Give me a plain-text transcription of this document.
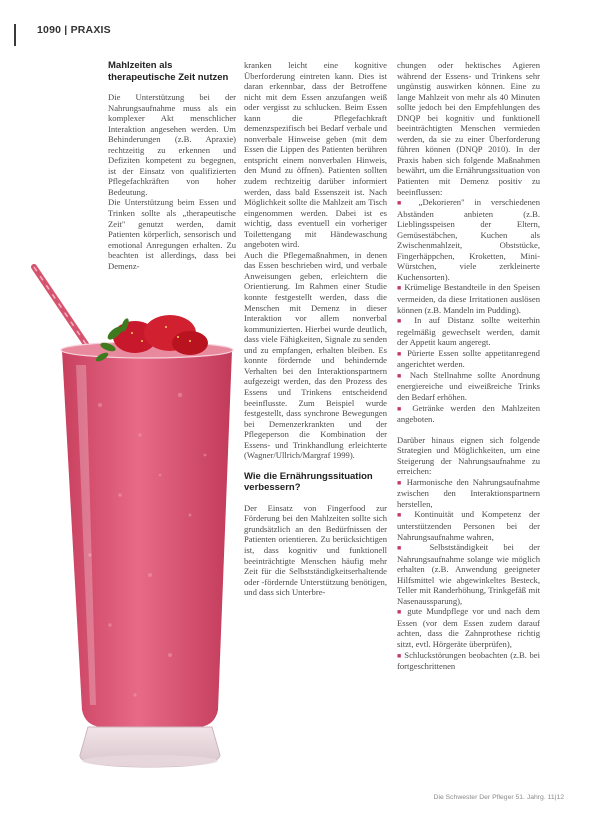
1090 | PRAXIS
Mahlzeiten als therapeutische Zeit nutzen

Die Unterstützung bei der Nahrungsaufnahme muss als ein komplexer Akt menschlicher Interaktion angesehen werden. Um Behinderungen (z.B. Apraxie) rechtzeitig zu erkennen und Defiziten kompetent zu begegnen, ist der Einsatz von qualifizierten Pflegefachkräften von hoher Bedeutung.

Die Unterstützung beim Essen und Trinken sollte als „therapeutische Zeit" genutzt werden, damit Patienten körperlich, sensorisch und emotional Anregungen erhalten. Zu beachten ist allerdings, dass bei Demenz-

kranken leicht eine kognitive Überforderung eintreten kann. Dies ist daran erkennbar, dass der Betroffene nicht mit dem Essen anzufangen weiß oder vergisst zu schlucken. Beim Essen kann die Pflegefachkraft demenzspezifisch bei Bedarf verbale und nonverbale Hinweise geben (mit dem Essen die Lippen des Patienten berühren entspricht einem nonverbalen Hinweis, den Mund zu öffnen). Patienten sollten zudem rechtzeitig darüber informiert werden, dass bald Essenszeit ist. Nach Möglichkeit sollte die Mahlzeit am Tisch eingenommen werden. Dabei ist es wichtig, dass eventuell ein vorheriger Toilettengang mit Händewaschung angeboten wird.

Auch die Pflegemaßnahmen, in denen das Essen beschrieben wird, und verbale Anweisungen geben, erleichtern die Orientierung. Im Rahmen einer Studie konnte festgestellt werden, dass die Menschen mit Demenz in dieser Interaktion vor allem nonverbal kommunizierten. Hierbei wurde deutlich, dass viele Fähigkeiten, Signale zu senden und zu empfangen, erhalten bleiben. Es konnte fördernde und behindernde Verhalten bei den Interaktionspartnern aufgezeigt werden, das den Prozess des Essens und Trinkens entscheidend beeinflusste. Zum Beispiel wurde festgestellt, dass synchrone Bewegungen bei Demenzerkrankten und der Pflegeperson die Kombination der Essens- und Trinkhandlung erleichterte (Wagner/Ullrich/Margraf 1999).

Wie die Ernährungssituation verbessern?

Der Einsatz von Fingerfood zur Förderung bei den Mahlzeiten sollte sich grundsätzlich an den Bedürfnissen der Patienten orientieren. Zu berücksichtigen ist, dass kognitiv und funktionell beeinträchtigte Menschen häufig mehr Zeit für die Selbstständigkeitserhaltende oder -fördernde Unterstützung benötigen, und dass sich Unterbre-

chungen oder hektisches Agieren während der Essens- und Trinkens sehr ungünstig auswirken können. Eine zu lange Mahlzeit von mehr als 40 Minuten sollte jedoch bei den Empfehlungen des DNQP bei kognitiv und funktionell beeinträchtigten Menschen vermieden werden, da sie zu einer Überforderung führen können (DNQP 2010). In der Praxis haben sich folgende Maßnahmen bewährt, um die Ernährungssituation von Patienten mit Demenz positiv zu beeinflussen:

■ „Dekorieren" in verschiedenen Abständen anbieten (z.B. Lieblingsspeisen der Eltern, Gemüsestäbchen, Kuchen als Zwischenmahlzeit, Obststücke, Fingerhäppchen, Kroketten, Mini-Würstchen, viele zerkleinerte Kuchensorten).

■ Krümelige Bestandteile in den Speisen vermeiden, da diese Irritationen auslösen können (z.B. Mandeln im Pudding).

■ In auf Distanz sollte weiterhin regelmäßig gewechselt werden, damit der Appetit kaum angeregt.

■ Pürierte Essen sollte appetitanregend angerichtet werden.

■ Nach Stellnahme sollte Anordnung energiereiche und eiweißreiche Trinks den Bedarf erhöhen.

■ Getränke werden den Mahlzeiten angeboten.

Darüber hinaus eignen sich folgende Strategien und Möglichkeiten, um eine Steigerung der Nahrungsaufnahme zu erreichen:

■ Harmonische den Nahrungsaufnahme zwischen den Interaktionspartnern herstellen,

■ Kontinuität und Kompetenz der unterstützenden Personen bei der Nahrungsaufnahme wahren,

■ Selbstständigkeit bei der Nahrungsaufnahme solange wie möglich erhalten (z.B. Anwendung geeigneter Hilfsmittel wie abgewinkeltes Besteck, Teller mit Randerhöhung, Trinkgefäß mit Nasenaussparung),

■ gute Mundpflege vor und nach dem Essen (vor dem Essen zudem darauf achten, dass die Zahnprothese richtig sitzt, evtl. Hörgeräte überprüfen),

■ Schluckstörungen beobachten (z.B. bei fortgeschrittenen

Die Schwester Der Pfleger 51. Jahrg. 11|12
